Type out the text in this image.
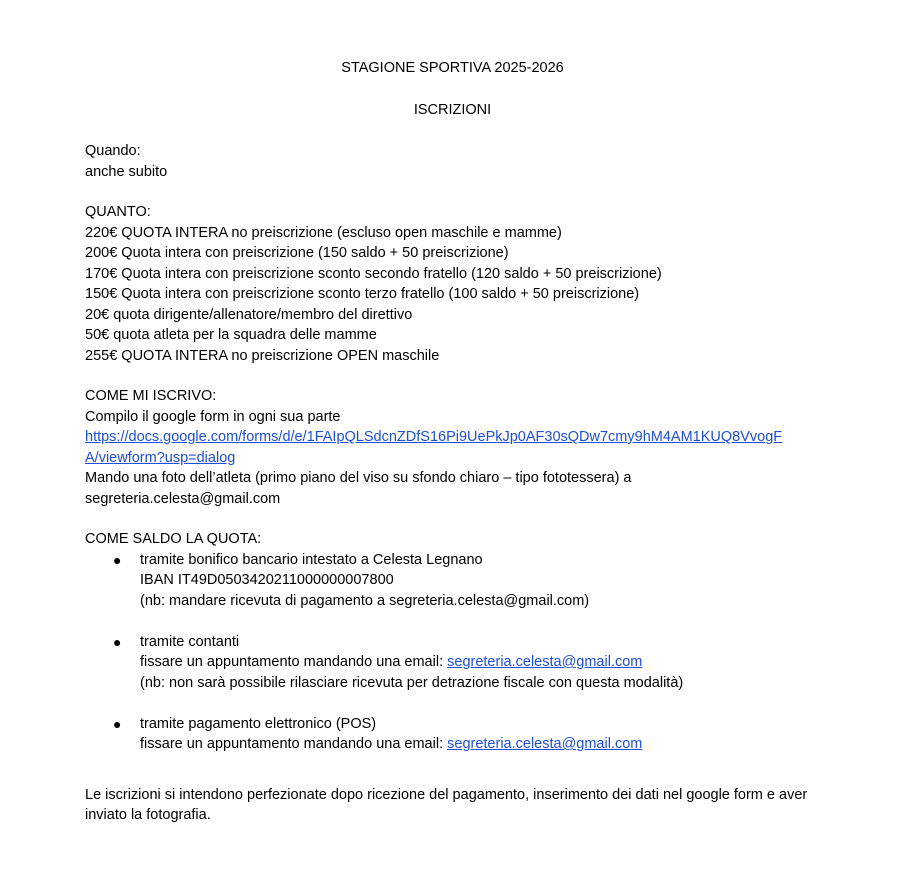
STAGIONE SPORTIVA 2025-2026
ISCRIZIONI
Quando:
anche subito
QUANTO:
220€ QUOTA INTERA no preiscrizione (escluso open maschile e mamme)
200€ Quota intera con preiscrizione (150 saldo + 50 preiscrizione)
170€ Quota intera con preiscrizione sconto secondo fratello (120 saldo + 50 preiscrizione)
150€ Quota intera con preiscrizione sconto terzo fratello (100 saldo + 50 preiscrizione)
20€ quota dirigente/allenatore/membro del direttivo
50€ quota atleta per la squadra delle mamme
255€ QUOTA INTERA no preiscrizione OPEN maschile
COME MI ISCRIVO:
Compilo il google form in ogni sua parte
https://docs.google.com/forms/d/e/1FAIpQLSdcnZDfS16Pi9UePkJp0AF30sQDw7cmy9hM4AM1KUQ8VvogF
A/viewform?usp=dialog
Mando una foto dell’atleta (primo piano del viso su sfondo chiaro – tipo fototessera) a
segreteria.celesta@gmail.com
COME SALDO LA QUOTA:
● tramite bonifico bancario intestato a Celesta Legnano
IBAN IT49D0503420211000000007800
(nb: mandare ricevuta di pagamento a segreteria.celesta@gmail.com)
● tramite contanti
fissare un appuntamento mandando una email: segreteria.celesta@gmail.com
(nb: non sarà possibile rilasciare ricevuta per detrazione fiscale con questa modalità)
● tramite pagamento elettronico (POS)
fissare un appuntamento mandando una email: segreteria.celesta@gmail.com
Le iscrizioni si intendono perfezionate dopo ricezione del pagamento, inserimento dei dati nel google form e aver inviato la fotografia.
